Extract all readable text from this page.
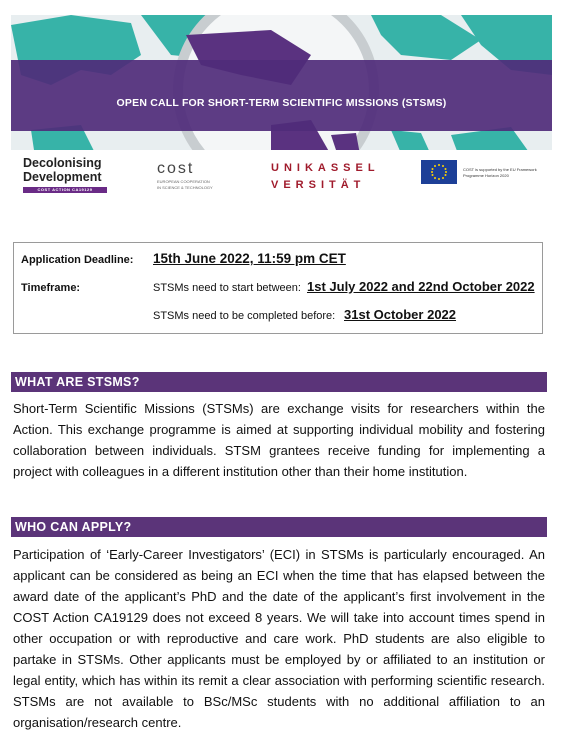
OPEN CALL FOR SHORT-TERM SCIENTIFIC MISSIONS (STSMS)
Decolonising
Development
COST ACTION CA19129
cost
EUROPEAN COOPERATION
IN SCIENCE & TECHNOLOGY
UNIKASSEL
VERSITÄT
COST is supported by the EU Framework Programme Horizon 2020
Application Deadline: 15th June 2022, 11:59 pm CET
Timeframe:	STSMs need to start between: 1st July 2022 and 22nd October 2022
STSMs need to be completed before: 31st October 2022
WHAT ARE STSMS?
Short-Term Scientific Missions (STSMs) are exchange visits for researchers within the Action. This exchange programme is aimed at supporting individual mobility and fostering collaboration between individuals. STSM grantees receive funding for implementing a project with colleagues in a different institution other than their home institution.
WHO CAN APPLY?
Participation of ‘Early-Career Investigators’ (ECI) in STSMs is particularly encouraged. An applicant can be considered as being an ECI when the time that has elapsed between the award date of the applicant’s PhD and the date of the applicant’s first involvement in the COST Action CA19129 does not exceed 8 years. We will take into account times spend in other occupation or with reproductive and care work. PhD students are also eligible to partake in STSMs. Other applicants must be employed by or affiliated to an institution or legal entity, which has within its remit a clear association with performing scientific research. STSMs are not available to BSc/MSc students with no additional affiliation to an organisation/research centre.
